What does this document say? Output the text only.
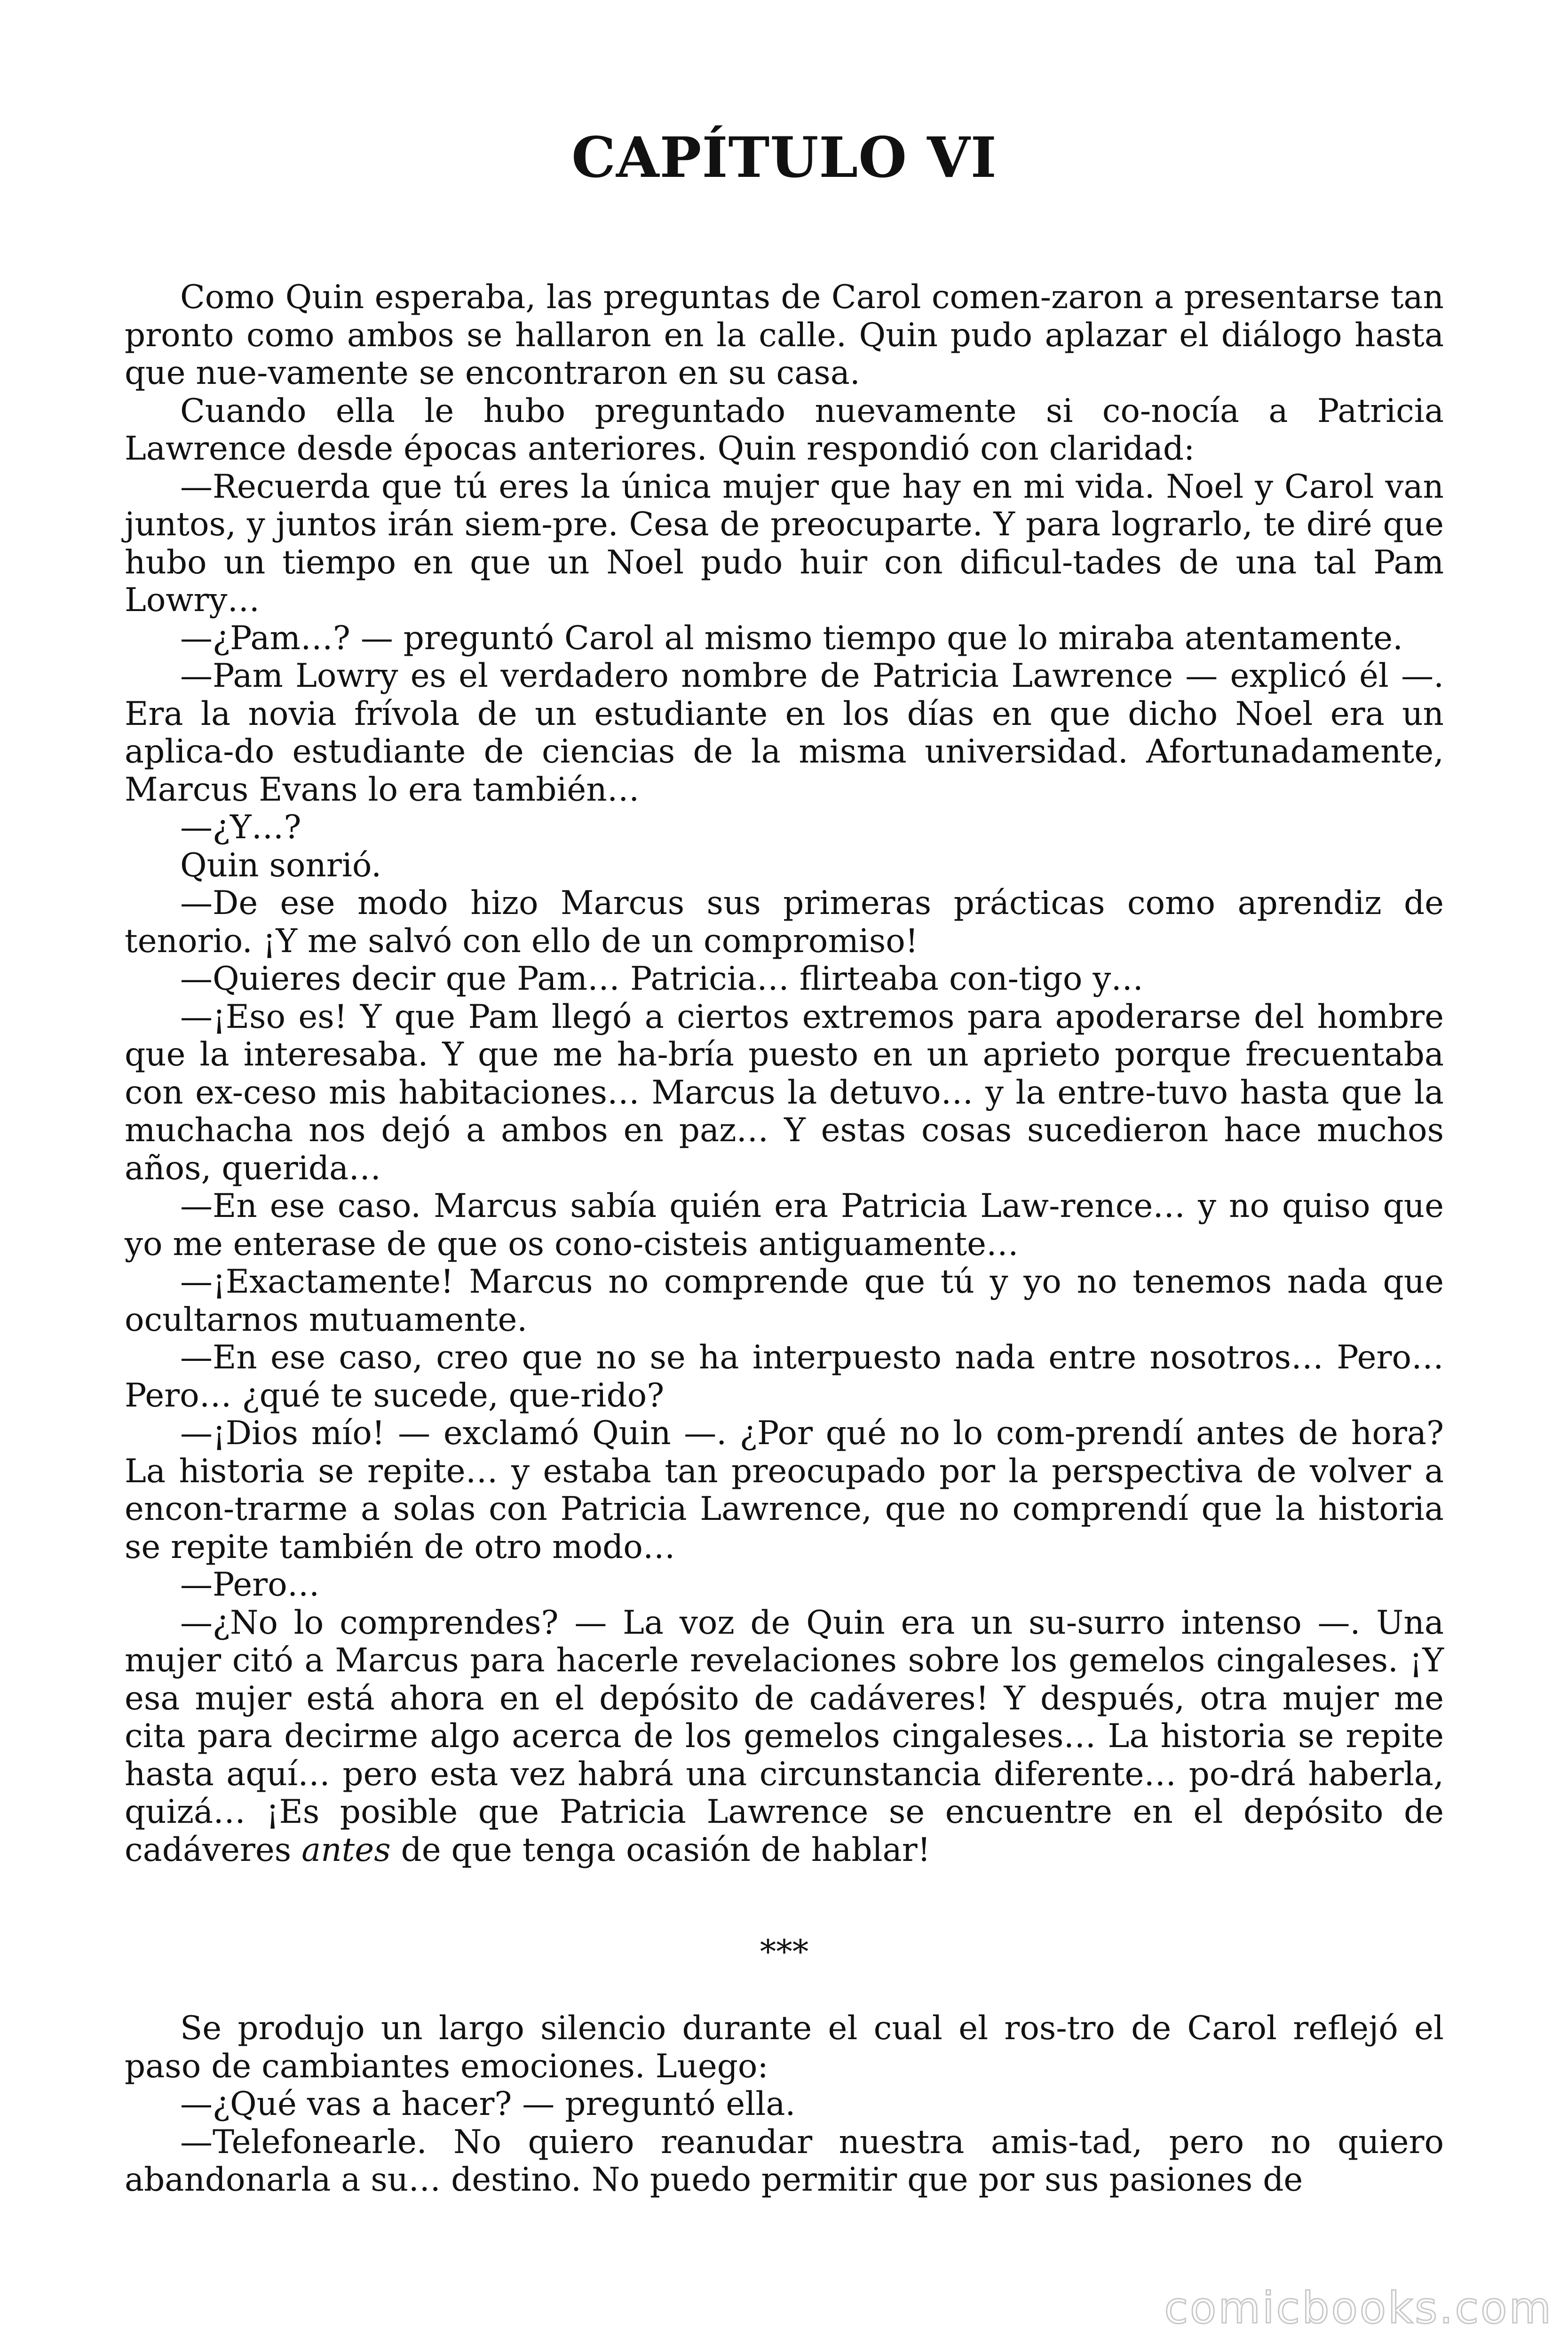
CAPÍTULO VI

Como Quin esperaba, las preguntas de Carol comen-zaron a presentarse tan pronto como ambos se hallaron en la calle. Quin pudo aplazar el diálogo hasta que nue-vamente se encontraron en su casa.

Cuando ella le hubo preguntado nuevamente si co-nocía a Patricia Lawrence desde épocas anteriores. Quin respondió con claridad:

—Recuerda que tú eres la única mujer que hay en mi vida. Noel y Carol van juntos, y juntos irán siem-pre. Cesa de preocuparte. Y para lograrlo, te diré que hubo un tiempo en que un Noel pudo huir con dificul-tades de una tal Pam Lowry…

—¿Pam…? — preguntó Carol al mismo tiempo que lo miraba atentamente.

—Pam Lowry es el verdadero nombre de Patricia Lawrence — explicó él —. Era la novia frívola de un estudiante en los días en que dicho Noel era un aplica-do estudiante de ciencias de la misma universidad. Afortunadamente, Marcus Evans lo era también…

—¿Y…?

Quin sonrió.

—De ese modo hizo Marcus sus primeras prácticas como aprendiz de tenorio. ¡Y me salvó con ello de un compromiso!

—Quieres decir que Pam… Patricia… flirteaba con-tigo y…

—¡Eso es! Y que Pam llegó a ciertos extremos para apoderarse del hombre que la interesaba. Y que me ha-bría puesto en un aprieto porque frecuentaba con ex-ceso mis habitaciones… Marcus la detuvo… y la entre-tuvo hasta que la muchacha nos dejó a ambos en paz… Y estas cosas sucedieron hace muchos años, querida…

—En ese caso. Marcus sabía quién era Patricia Law-rence… y no quiso que yo me enterase de que os cono-cisteis antiguamente…

—¡Exactamente! Marcus no comprende que tú y yo no tenemos nada que ocultarnos mutuamente.

—En ese caso, creo que no se ha interpuesto nada entre nosotros… Pero… Pero… ¿qué te sucede, que-rido?

—¡Dios mío! — exclamó Quin —. ¿Por qué no lo com-prendí antes de hora? La historia se repite… y estaba tan preocupado por la perspectiva de volver a encon-trarme a solas con Patricia Lawrence, que no comprendí que la historia se repite también de otro modo…

—Pero…

—¿No lo comprendes? — La voz de Quin era un su-surro intenso —. Una mujer citó a Marcus para hacerle revelaciones sobre los gemelos cingaleses. ¡Y esa mujer está ahora en el depósito de cadáveres! Y después, otra mujer me cita para decirme algo acerca de los gemelos cingaleses… La historia se repite hasta aquí… pero esta vez habrá una circunstancia diferente… po-drá haberla, quizá… ¡Es posible que Patricia Lawrence se encuentre en el depósito de cadáveres antes de que tenga ocasión de hablar!

***

Se produjo un largo silencio durante el cual el ros-tro de Carol reflejó el paso de cambiantes emociones. Luego:

—¿Qué vas a hacer? — preguntó ella.

—Telefonearle. No quiero reanudar nuestra amis-tad, pero no quiero abandonarla a su… destino. No puedo permitir que por sus pasiones de

comicbooks.com
